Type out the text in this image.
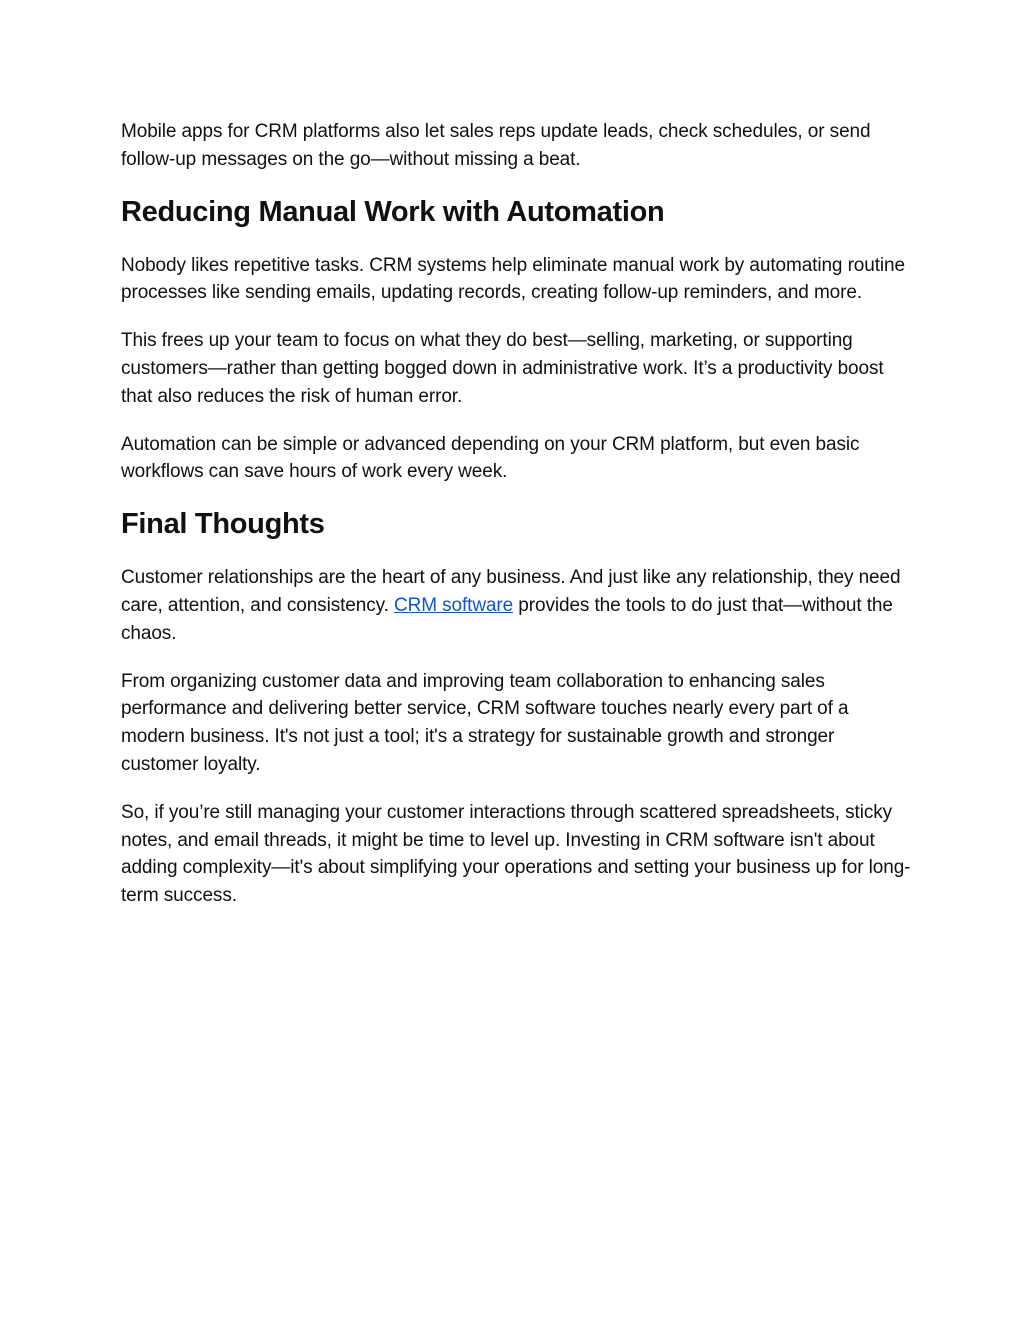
Mobile apps for CRM platforms also let sales reps update leads, check schedules, or send follow-up messages on the go—without missing a beat.

Reducing Manual Work with Automation

Nobody likes repetitive tasks. CRM systems help eliminate manual work by automating routine processes like sending emails, updating records, creating follow-up reminders, and more.

This frees up your team to focus on what they do best—selling, marketing, or supporting customers—rather than getting bogged down in administrative work. It’s a productivity boost that also reduces the risk of human error.

Automation can be simple or advanced depending on your CRM platform, but even basic workflows can save hours of work every week.

Final Thoughts

Customer relationships are the heart of any business. And just like any relationship, they need care, attention, and consistency. CRM software provides the tools to do just that—without the chaos.

From organizing customer data and improving team collaboration to enhancing sales performance and delivering better service, CRM software touches nearly every part of a modern business. It's not just a tool; it's a strategy for sustainable growth and stronger customer loyalty.

So, if you’re still managing your customer interactions through scattered spreadsheets, sticky notes, and email threads, it might be time to level up. Investing in CRM software isn't about adding complexity—it's about simplifying your operations and setting your business up for long-term success.
